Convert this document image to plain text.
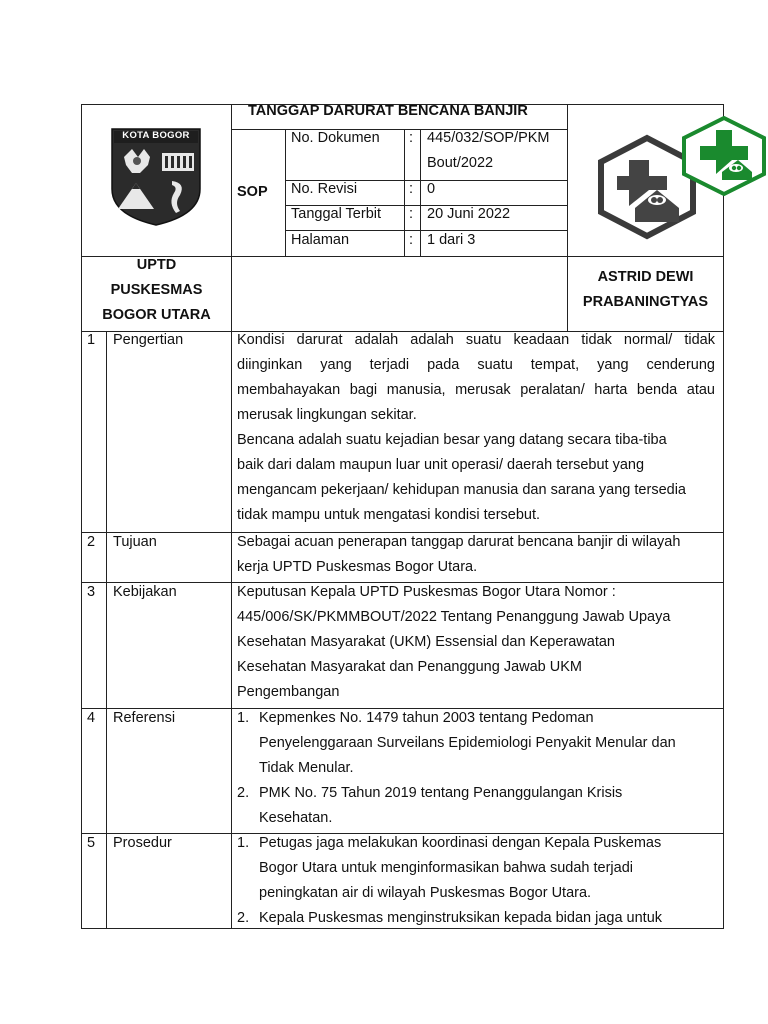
KOTA BOGOR
TANGGAP DARURAT BENCANA BANJIR
SOP
No. Dokumen : 445/032/SOP/PKM
Bout/2022
No. Revisi	: 0
Tanggal Terbit : 20 Juni 2022
Halaman	: 1 dari 3
UPTD
PUSKESMAS
BOGOR UTARA
ASTRID DEWI
PRABANINGTYAS
1 Pengertian	Kondisi darurat adalah adalah suatu keadaan tidak normal/ tidak
diinginkan yang terjadi pada suatu tempat, yang cenderung
membahayakan bagi manusia, merusak peralatan/ harta benda atau
merusak lingkungan sekitar.
Bencana adalah suatu kejadian besar yang datang secara tiba-tiba
baik dari dalam maupun luar unit operasi/ daerah tersebut yang
mengancam pekerjaan/ kehidupan manusia dan sarana yang tersedia
tidak mampu untuk mengatasi kondisi tersebut.
2 Tujuan	Sebagai acuan penerapan tanggap darurat bencana banjir di wilayah
kerja UPTD Puskesmas Bogor Utara.
3 Kebijakan	Keputusan Kepala UPTD Puskesmas Bogor Utara Nomor :
445/006/SK/PKMMBOUT/2022 Tentang Penanggung Jawab Upaya
Kesehatan Masyarakat (UKM) Essensial dan Keperawatan
Kesehatan Masyarakat dan Penanggung Jawab UKM
Pengembangan
4 Referensi	1. Kepmenkes No. 1479 tahun 2003 tentang Pedoman
Penyelenggaraan Surveilans Epidemiologi Penyakit Menular dan
Tidak Menular.
2. PMK No. 75 Tahun 2019 tentang Penanggulangan Krisis
Kesehatan.
5 Prosedur	1. Petugas jaga melakukan koordinasi dengan Kepala Puskemas
Bogor Utara untuk menginformasikan bahwa sudah terjadi
peningkatan air di wilayah Puskesmas Bogor Utara.
2. Kepala Puskesmas menginstruksikan kepada bidan jaga untuk
